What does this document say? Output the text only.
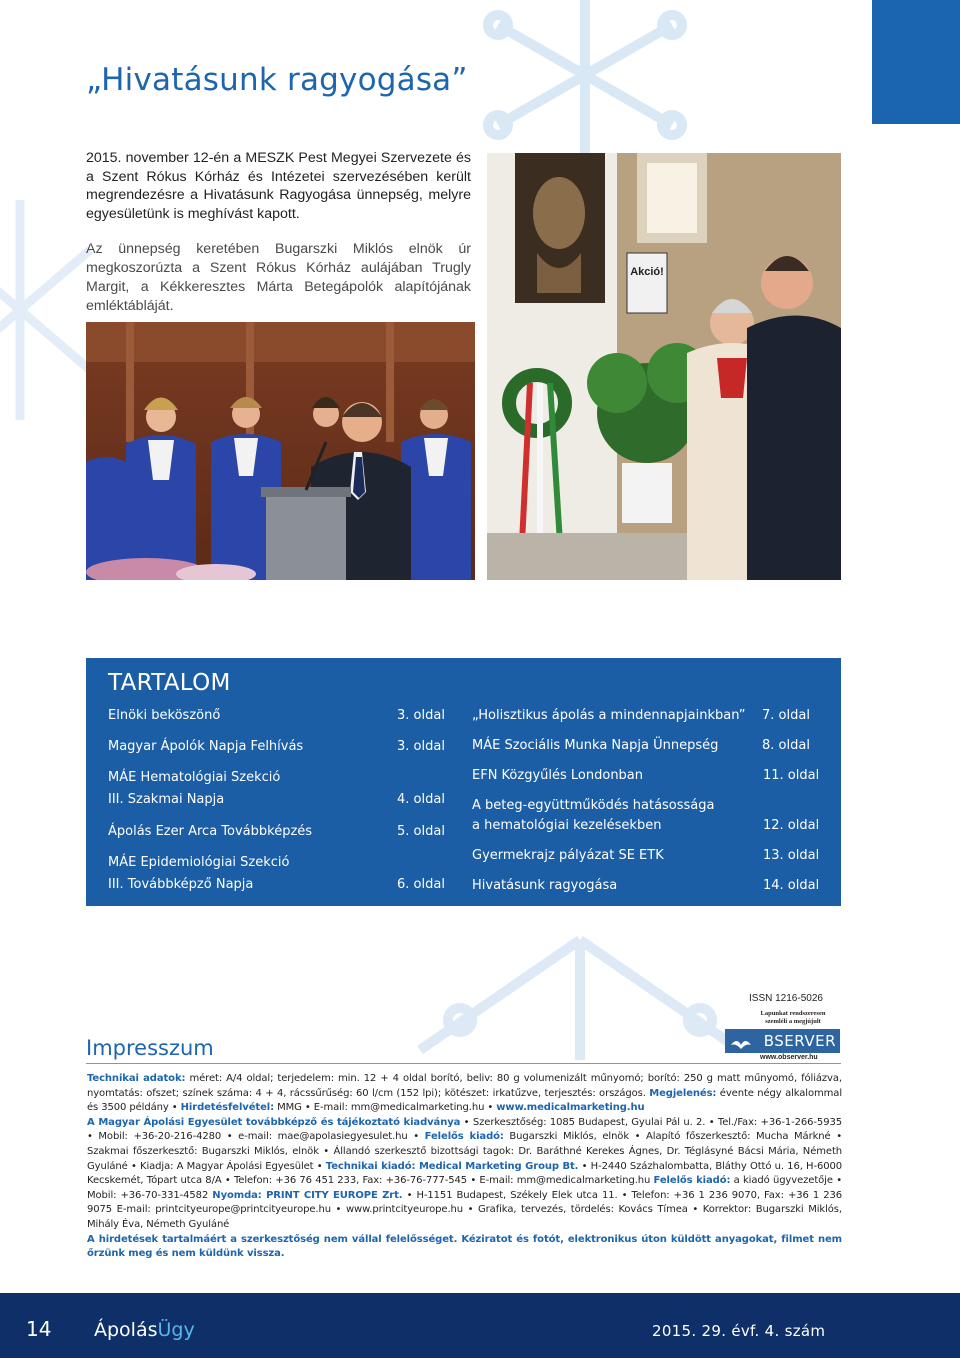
„Hivatásunk ragyogása”

2015. november 12-én a MESZK Pest Megyei Szervezete és a Szent Rókus Kórház és Intézetei szervezésében került megrendezésre a Hivatásunk Ragyogása ünnepség, melyre egyesületünk is meghívást kapott.

Az ünnepség keretében Bugarszki Miklós elnök úr megkoszorúzta a Szent Rókus Kórház aulájában Trugly Margit, a Kékkeresztes Márta Betegápolók alapítójának emléktábláját.

Akció!
TARTALOM
Elnöki beköszönő	3. oldal
Magyar Ápolók Napja Felhívás	3. oldal
MÁE Hematológiai Szekció
III. Szakmai Napja	4. oldal
Ápolás Ezer Arca Továbbképzés	5. oldal
MÁE Epidemiológiai Szekció
III. Továbbképző Napja	6. oldal
„Holisztikus ápolás a mindennapjainkban” 7. oldal
MÁE Szociális Munka Napja Ünnepség	8. oldal
EFN Közgyűlés Londonban	11. oldal
A beteg-együttműködés hatásossága
a hematológiai kezelésekben	12. oldal
Gyermekrajz pályázat SE ETK	13. oldal
Hivatásunk ragyogása	14. oldal
ISSN 1216-5026
Lapunkat rendszeresen
szemléli a megjújult
BSERVER
www.observer.hu
Impresszum

Technikai adatok: méret: A/4 oldal; terjedelem: min. 12 + 4 oldal borító, beliv: 80 g volumenizált műnyomó; borító: 250 g matt műnyomó, fóliázva, nyomtatás: ofszet; színek száma: 4 + 4, rácssűrűség: 60 l/cm (152 lpi); kötészet: irkatűzve, terjesztés: országos. Megjelenés: évente négy alkalommal és 3500 példány • Hirdetésfelvétel: MMG • E-mail: mm@medicalmarketing.hu • www.medicalmarketing.hu
A Magyar Ápolási Egyesület továbbképző és tájékoztató kiadványa • Szerkesztőség: 1085 Budapest, Gyulai Pál u. 2. • Tel./Fax: +36-1-266-5935 • Mobil: +36-20-216-4280 • e-mail: mae@apolasiegyesulet.hu • Felelős kiadó: Bugarszki Miklós, elnök • Alapító főszerkesztő: Mucha Márkné • Szakmai főszerkesztő: Bugarszki Miklós, elnök • Állandó szerkesztő bizottsági tagok: Dr. Baráthné Kerekes Ágnes, Dr. Téglásyné Bácsi Mária, Németh Gyuláné • Kiadja: A Magyar Ápolási Egyesület • Technikai kiadó: Medical Marketing Group Bt. • H-2440 Százhalombatta, Bláthy Ottó u. 16, H-6000 Kecskemét, Tópart utca 8/A • Telefon: +36 76 451 233, Fax: +36-76-777-545 • E-mail: mm@medicalmarketing.hu Felelős kiadó: a kiadó ügyvezetője • Mobil: +36-70-331-4582 Nyomda: PRINT CITY EUROPE Zrt. • H-1151 Budapest, Székely Elek utca 11. • Telefon: +36 1 236 9070, Fax: +36 1 236 9075 E-mail: printcityeurope@printcityeurope.hu • www.printcityeurope.hu • Grafika, tervezés, tördelés: Kovács Tímea • Korrektor: Bugarszki Miklós, Mihály Éva, Németh Gyuláné
A hirdetések tartalmáért a szerkesztőség nem vállal felelősséget. Kéziratot és fotót, elektronikus úton küldött anyagokat, filmet nem őrzünk meg és nem küldünk vissza.

14 ÁpolásÜgy	2015. 29. évf. 4. szám
